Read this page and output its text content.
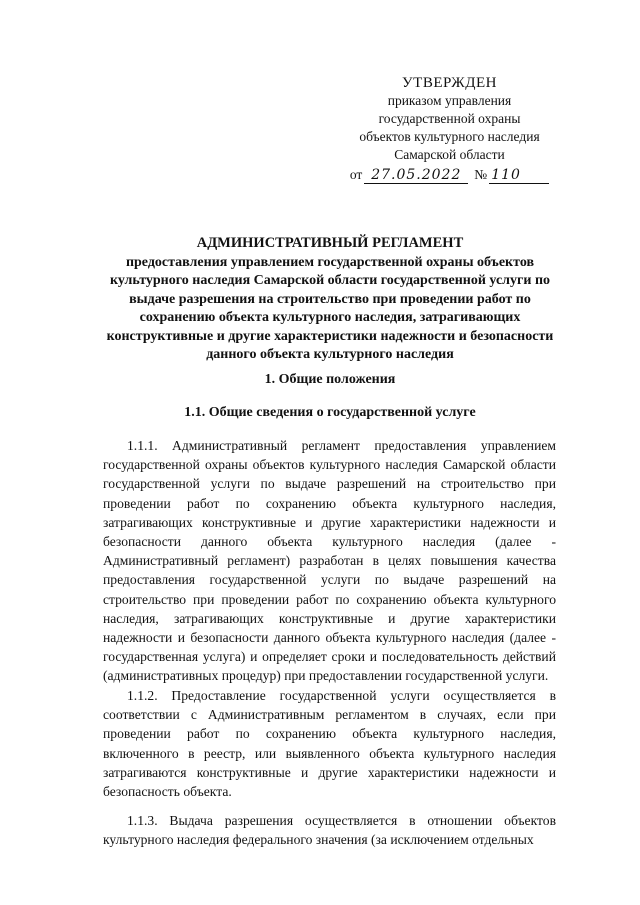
УТВЕРЖДЕН
приказом управления
государственной охраны
объектов культурного наследия
Самарской области
от 27.05.2022 № 110
АДМИНИСТРАТИВНЫЙ РЕГЛАМЕНТ
предоставления управлением государственной охраны объектов культурного наследия Самарской области государственной услуги по выдаче разрешения на строительство при проведении работ по сохранению объекта культурного наследия, затрагивающих конструктивные и другие характеристики надежности и безопасности данного объекта культурного наследия
1. Общие положения
1.1. Общие сведения о государственной услуге
1.1.1. Административный регламент предоставления управлением государственной охраны объектов культурного наследия Самарской области государственной услуги по выдаче разрешений на строительство при проведении работ по сохранению объекта культурного наследия, затрагивающих конструктивные и другие характеристики надежности и безопасности данного объекта культурного наследия (далее - Административный регламент) разработан в целях повышения качества предоставления государственной услуги по выдаче разрешений на строительство при проведении работ по сохранению объекта культурного наследия, затрагивающих конструктивные и другие характеристики надежности и безопасности данного объекта культурного наследия (далее - государственная услуга) и определяет сроки и последовательность действий (административных процедур) при предоставлении государственной услуги.
1.1.2. Предоставление государственной услуги осуществляется в соответствии с Административным регламентом в случаях, если при проведении работ по сохранению объекта культурного наследия, включенного в реестр, или выявленного объекта культурного наследия затрагиваются конструктивные и другие характеристики надежности и безопасность объекта.
1.1.3. Выдача разрешения осуществляется в отношении объектов культурного наследия федерального значения (за исключением отдельных
